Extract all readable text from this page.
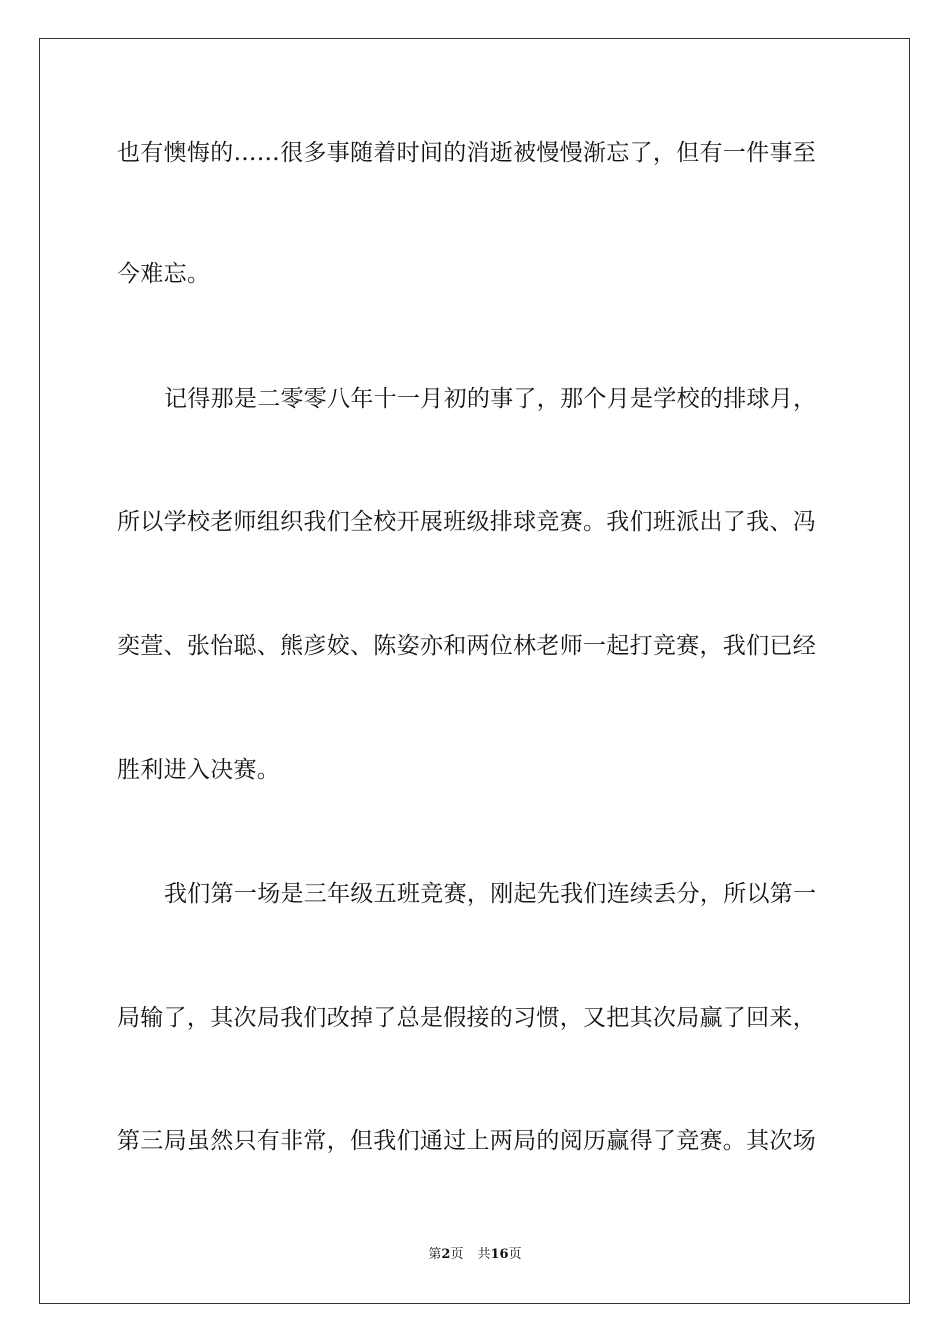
也有懊悔的……很多事随着时间的消逝被慢慢渐忘了，但有一件事至
今难忘。
记得那是二零零八年十一月初的事了，那个月是学校的排球月，
所以学校老师组织我们全校开展班级排球竞赛。我们班派出了我、冯
奕萱、张怡聪、熊彦姣、陈姿亦和两位林老师一起打竞赛，我们已经
胜利进入决赛。
我们第一场是三年级五班竞赛，刚起先我们连续丢分，所以第一
局输了，其次局我们改掉了总是假接的习惯，又把其次局赢了回来，
第三局虽然只有非常，但我们通过上两局的阅历赢得了竞赛。其次场
第2页 共16页
